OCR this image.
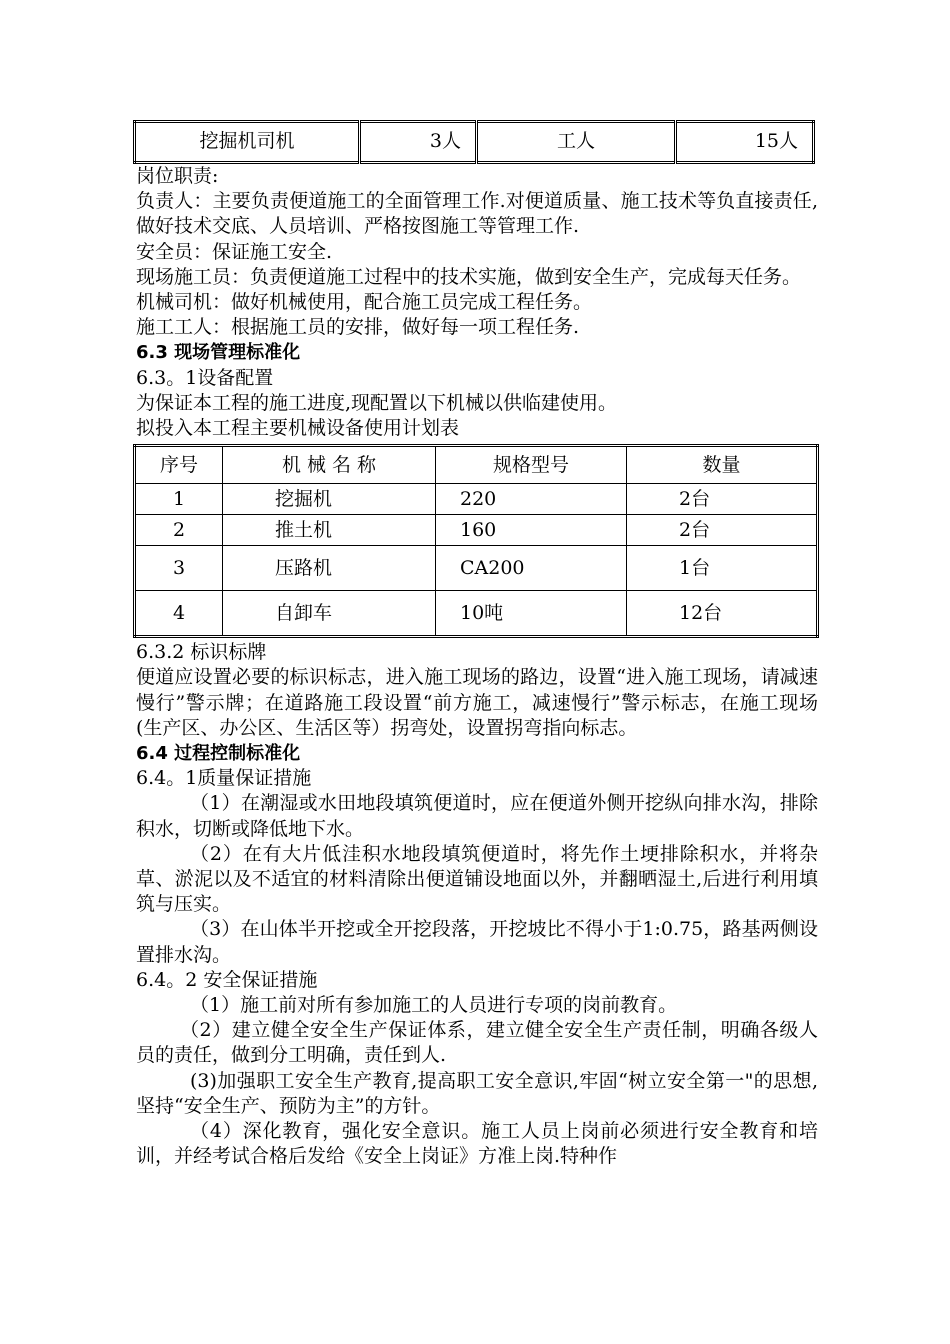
挖掘机司机	3人	工人	15人

岗位职责:

负责人：主要负责便道施工的全面管理工作.对便道质量、施工技术等负直接责任,做好技术交底、人员培训、严格按图施工等管理工作.

安全员：保证施工安全.

现场施工员：负责便道施工过程中的技术实施，做到安全生产，完成每天任务。

机械司机：做好机械使用，配合施工员完成工程任务。

施工工人：根据施工员的安排，做好每一项工程任务.

6.3 现场管理标准化

6.3。1设备配置

为保证本工程的施工进度,现配置以下机械以供临建使用。

拟投入本工程主要机械设备使用计划表

序号	机 械 名 称	规格型号	数量
1	挖掘机	220	2台
2	推土机	160	2台
3	压路机	CA200	1台
4	自卸车	10吨	12台

6.3.2 标识标牌

便道应设置必要的标识标志，进入施工现场的路边，设置“进入施工现场，请减速慢行”警示牌；在道路施工段设置“前方施工，减速慢行”警示标志，在施工现场(生产区、办公区、生活区等）拐弯处，设置拐弯指向标志。

6.4 过程控制标准化

6.4。1质量保证措施

（1）在潮湿或水田地段填筑便道时，应在便道外侧开挖纵向排水沟，排除积水，切断或降低地下水。

（2）在有大片低洼积水地段填筑便道时，将先作土埂排除积水，并将杂草、淤泥以及不适宜的材料清除出便道铺设地面以外，并翻晒湿土,后进行利用填筑与压实。

（3）在山体半开挖或全开挖段落，开挖坡比不得小于1:0.75，路基两侧设置排水沟。

6.4。2 安全保证措施

（1）施工前对所有参加施工的人员进行专项的岗前教育。

（2）建立健全安全生产保证体系，建立健全安全生产责任制，明确各级人员的责任，做到分工明确，责任到人.

(3)加强职工安全生产教育,提高职工安全意识,牢固“树立安全第一"的思想,坚持“安全生产、预防为主”的方针。

（4）深化教育，强化安全意识。施工人员上岗前必须进行安全教育和培训，并经考试合格后发给《安全上岗证》方准上岗.特种作
